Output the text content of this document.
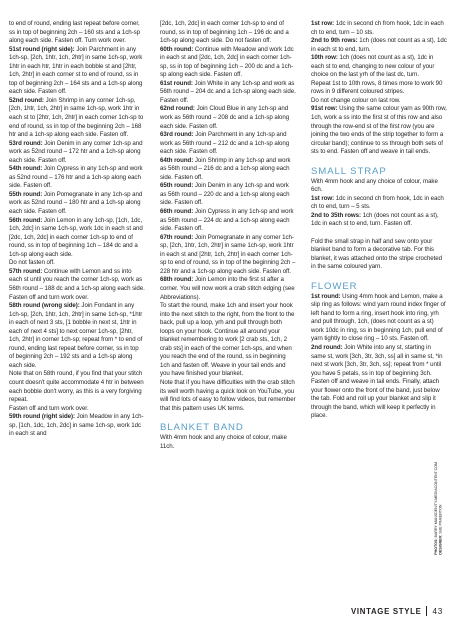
to end of round, ending last repeat before corner, ss in top of beginning 2ch – 160 sts and a 1ch-sp along each side. Fasten off. Turn work over.

51st round (right side): Join Parchment in any 1ch-sp, [2ch, 1htr, 1ch, 2htr] in same 1ch-sp, work 1htr in each htr, 1htr in each bobble st and [2htr, 1ch, 2htr] in each corner st to end of round, ss in top of beginning 2ch – 164 sts and a 1ch-sp along each side. Fasten off.

52nd round: Join Shrimp in any corner 1ch-sp, [2ch, 1htr, 1ch, 2htr] in same 1ch-sp, work 1htr in each st to [2htr, 1ch, 2htr] in each corner 1ch-sp to end of round, ss in top of the beginning 2ch – 168 htr and a 1ch-sp along each side. Fasten off.

53rd round: Join Denim in any corner 1ch-sp and work as 52nd round – 172 htr and a 1ch-sp along each side. Fasten off.

54th round: Join Cypress in any 1ch-sp and work as 52nd round – 176 htr and a 1ch-sp along each side. Fasten off.

55th round: Join Pomegranate in any 1ch-sp and work as 52nd round – 180 htr and a 1ch-sp along each side. Fasten off.

56th round: Join Lemon in any 1ch-sp, [1ch, 1dc, 1ch, 2dc] in same 1ch-sp, work 1dc in each st and [2dc, 1ch, 2dc] in each corner 1ch-sp to end of round, ss in top of beginning 1ch – 184 dc and a 1ch-sp along each side.

Do not fasten off.

57th round: Continue with Lemon and ss into each st until you reach the corner 1ch-sp, work as 56th round – 188 dc and a 1ch-sp along each side.

Fasten off and turn work over.

58th round (wrong side): Join Fondant in any 1ch-sp, [2ch, 1htr, 1ch, 2htr] in same 1ch-sp, *1htr in each of next 3 sts, [1 bobble in next st, 1htr in each of next 4 sts] to next corner 1ch-sp, [2htr, 1ch, 2htr] in corner 1ch-sp; repeat from * to end of round, ending last repeat before corner, ss in top of beginning 2ch – 192 sts and a 1ch-sp along each side.

Note that on 58th round, if you find that your stitch count doesn't quite accommodate 4 htr in between each bobble don't worry, as this is a very forgiving repeat.

Fasten off and turn work over.

59th round (right side): Join Meadow in any 1ch-sp, [1ch, 1dc, 1ch, 2dc] in same 1ch-sp, work 1dc in each st and

[2dc, 1ch, 2dc] in each corner 1ch-sp to end of round, ss in top of beginning 1ch – 196 dc and a 1ch-sp along each side. Do not fasten off.

60th round: Continue with Meadow and work 1dc in each st and [2dc, 1ch, 2dc] in each corner 1ch-sp, ss in top of beginning 1ch – 200 dc and a 1ch-sp along each side. Fasten off.

61st round: Join White in any 1ch-sp and work as 56th round – 204 dc and a 1ch-sp along each side. Fasten off.

62nd round: Join Cloud Blue in any 1ch-sp and work as 56th round – 208 dc and a 1ch-sp along each side. Fasten off.

63rd round: Join Parchment in any 1ch-sp and work as 56th round – 212 dc and a 1ch-sp along each side. Fasten off.

64th round: Join Shrimp in any 1ch-sp and work as 56th round – 216 dc and a 1ch-sp along each side. Fasten off.

65th round: Join Denim in any 1ch-sp and work as 56th round – 220 dc and a 1ch-sp along each side. Fasten off.

66th round: Join Cypress in any 1ch-sp and work as 56th round – 224 dc and a 1ch-sp along each side. Fasten off.

67th round: Join Pomegranate in any corner 1ch-sp, [2ch, 1htr, 1ch, 2htr] in same 1ch-sp, work 1htr in each st and [2htr, 1ch, 2htr] in each corner 1ch-sp to end of round, ss in top of the beginning 2ch – 228 htr and a 1ch-sp along each side. Fasten off.

68th round: Join Lemon into the first st after a corner. You will now work a crab stitch edging (see Abbreviations).

To start the round, make 1ch and insert your hook into the next stitch to the right, from the front to the back, pull up a loop, yrh and pull through both loops on your hook. Continue all around your blanket remembering to work [2 crab sts, 1ch, 2 crab sts] in each of the corner 1ch-sps, and when you reach the end of the round, ss in beginning 1ch and fasten off. Weave in your tail ends and you have finished your blanket.

Note that if you have difficulties with the crab stitch its well worth having a quick look on YouTube, you will find lots of easy to follow videos, but remember that this pattern uses UK terms.

BLANKET BAND

With 4mm hook and any choice of colour, make 11ch.

1st row: 1dc in second ch from hook, 1dc in each ch to end, turn – 10 sts.

2nd to 9th rows: 1ch (does not count as a st), 1dc in each st to end, turn.

10th row: 1ch (does not count as a st), 1dc in each st to end, changing to new colour of your choice on the last yrh of the last dc, turn.

Repeat 1st to 10th rows, 8 times more to work 90 rows in 9 different coloured stripes.

Do not change colour on last row.

91st row: Using the same colour yarn as 90th row, 1ch, work a ss into the first st of this row and also through the row-end st of the first row (you are joining the two ends of the strip together to form a circular band); continue to ss through both sets of sts to end. Fasten off and weave in tail ends.

SMALL STRAP

With 4mm hook and any choice of colour, make 6ch.

1st row: 1dc in second ch from hook, 1dc in each ch to end, turn – 5 sts.

2nd to 35th rows: 1ch (does not count as a st), 1dc in each st to end, turn. Fasten off.

Fold the small strap in half and sew onto your blanket band to form a decorative tab. For this blanket, it was attached onto the stripe crocheted in the same coloured yarn.

FLOWER

1st round: Using 4mm hook and Lemon, make a slip ring as follows: wind yarn round index finger of left hand to form a ring, insert hook into ring, yrh and pull through, 1ch, (does not count as a st) work 10dc in ring, ss in beginning 1ch, pull end of yarn tightly to close ring – 10 sts. Fasten off.

2nd round: Join White into any st, starting in same st, work [3ch, 3tr, 3ch, ss] all in same st, *in next st work [3ch, 3tr, 3ch, ss]; repeat from * until you have 5 petals, ss in top of beginning 3ch. Fasten off and weave in tail ends. Finally, attach your flower onto the front of the band, just below the tab. Fold and roll up your blanket and slip it through the band, which will keep it perfectly in place.

PHOTOS: BARRY MANSDEN/TY-MEDIACONTENT.COM
DESIGNER: SUE PINKERTON
VINTAGE STYLE 43
